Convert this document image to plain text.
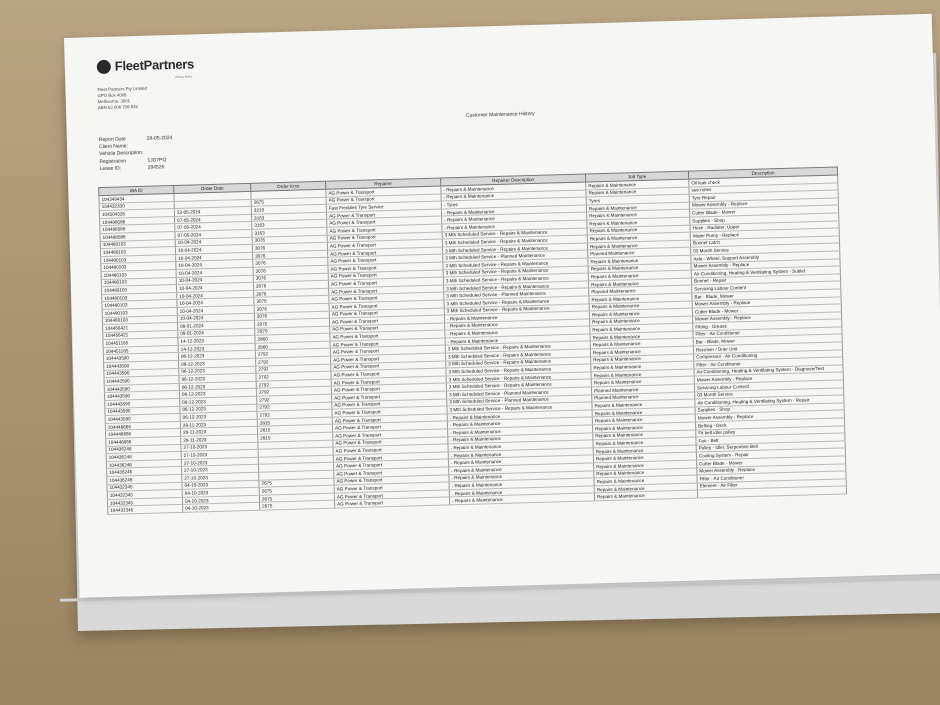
FleetPartners
driving fleets
Fleet Partners Pty Limited
GPO Box 4006
Melbourne, 3001
ABN 63 006 706 832
Customer Maintenance History
Report Date	28-05-2024
Client Name:
Vehicle Description:
Registration	1JD7PQ
Lease ID:	284526
WA ID	Order Date	Order Kms	Repairer	Repairer Description	Job Type	Description
104349434			AG Power & Transport	- Repairs & Maintenance	Repairs & Maintenance	Oil leak check
104432330		2675	AG Power & Transport	- Repairs & Maintenance	Repairs & Maintenance	see notes
104504328	23-05-2024	3210	Fast Freddies Tyre Service	- Tyres	Tyres	Tyre Repair
104498586	07-05-2024	3163	AG Power & Transport	- Repairs & Maintenance	Repairs & Maintenance	Mower Assembly - Replace
104498586	07-05-2024	3163	AG Power & Transport	- Repairs & Maintenance	Repairs & Maintenance	Cutter Blade - Mower
104498586	07-05-2024	3163	AG Power & Transport	- Repairs & Maintenance	Repairs & Maintenance	Supplies - Shop
104480103	10-04-2024	3076	AG Power & Transport	3 Mth Scheduled Service - Repairs & Maintenance	Repairs & Maintenance	Hose - Radiator, Upper
104480103	10-04-2024	3076	AG Power & Transport	3 Mth Scheduled Service - Repairs & Maintenance	Repairs & Maintenance	Water Pump - Replace
104480103	10-04-2024	3076	AG Power & Transport	3 Mth Scheduled Service - Repairs & Maintenance	Repairs & Maintenance	Bonnet Latch
104480103	10-04-2024	3076	AG Power & Transport	3 Mth Scheduled Service - Planned Maintenance	Planned Maintenance	03 Month Service
104480103	10-04-2024	3076	AG Power & Transport	3 Mth Scheduled Service - Repairs & Maintenance	Repairs & Maintenance	Axle - Wheel, Support Assembly
104480103	10-04-2024	3076	AG Power & Transport	3 Mth Scheduled Service - Repairs & Maintenance	Repairs & Maintenance	Mower Assembly - Replace
104480103	10-04-2024	3076	AG Power & Transport	3 Mth Scheduled Service - Repairs & Maintenance	Repairs & Maintenance	Air Conditioning, Heating & Ventilating System - Sublet
104480103	10-04-2024	3076	AG Power & Transport	3 Mth Scheduled Service - Repairs & Maintenance	Repairs & Maintenance	Bonnet - Repair
104480103	10-04-2024	3076	AG Power & Transport	3 Mth Scheduled Service - Planned Maintenance	Planned Maintenance	Servicing Labour Content
104480103	10-04-2024	3076	AG Power & Transport	3 Mth Scheduled Service - Repairs & Maintenance	Repairs & Maintenance	Bar - Blade, Mower
104480103	10-04-2024	3076	AG Power & Transport	3 Mth Scheduled Service - Repairs & Maintenance	Repairs & Maintenance	Mower Assembly - Replace
104456421	08-01-2024	2970	AG Power & Transport	- Repairs & Maintenance	Repairs & Maintenance	Cutter Blade - Mower
104456421	08-01-2024	2970	AG Power & Transport	- Repairs & Maintenance	Repairs & Maintenance	Mower Assembly - Replace
104451185	14-12-2023	2860	AG Power & Transport	- Repairs & Maintenance	Repairs & Maintenance	Fitting - Grease
104451185	14-12-2023	2860	AG Power & Transport	- Repairs & Maintenance	Repairs & Maintenance	Filter - Air Conditioner
104443590	06-12-2023	2792	AG Power & Transport	3 Mth Scheduled Service - Repairs & Maintenance	Repairs & Maintenance	Bar - Blade, Mower
104443590	06-12-2023	2792	AG Power & Transport	3 Mth Scheduled Service - Repairs & Maintenance	Repairs & Maintenance	Receiver / Drier Unit
104443590	06-12-2023	2792	AG Power & Transport	3 Mth Scheduled Service - Repairs & Maintenance	Repairs & Maintenance	Compressor - Air Conditioning
104443590	06-12-2023	2792	AG Power & Transport	3 Mth Scheduled Service - Repairs & Maintenance	Repairs & Maintenance	Filter - Air Conditioner
104443590	06-12-2023	2792	AG Power & Transport	3 Mth Scheduled Service - Repairs & Maintenance	Repairs & Maintenance	Air Conditioning, Heating & Ventilating System - Diagnose/Test
104443590	06-12-2023	2792	AG Power & Transport	3 Mth Scheduled Service - Repairs & Maintenance	Repairs & Maintenance	Mower Assembly - Replace
104443590	06-12-2023	2792	AG Power & Transport	3 Mth Scheduled Service - Planned Maintenance	Planned Maintenance	Servicing Labour Content
104443590	06-12-2023	2792	AG Power & Transport	3 Mth Scheduled Service - Planned Maintenance	Planned Maintenance	03 Month Service
104443590	06-12-2023	2792	AG Power & Transport	3 Mth Scheduled Service - Repairs & Maintenance	Repairs & Maintenance	Air Conditioning, Heating & Ventilating System - Repair
104446666	28-11-2023	2815	AG Power & Transport	- Repairs & Maintenance	Repairs & Maintenance	Supplies - Shop
104446666	28-11-2023	2815	AG Power & Transport	- Repairs & Maintenance	Repairs & Maintenance	Mower Assembly - Replace
104446666	28-11-2023	2815	AG Power & Transport	- Repairs & Maintenance	Repairs & Maintenance	Belting - Deck
104436246	27-10-2023		AG Power & Transport	- Repairs & Maintenance	Repairs & Maintenance	Fit belt idler pulley
104436246	27-10-2023		AG Power & Transport	- Repairs & Maintenance	Repairs & Maintenance	Fan - Belt
104436246	27-10-2023		AG Power & Transport	- Repairs & Maintenance	Repairs & Maintenance	Pulley - Idler, Serpentine Belt
104436246	27-10-2023		AG Power & Transport	- Repairs & Maintenance	Repairs & Maintenance	Cooling System - Repair
104436246	27-10-2023		AG Power & Transport	- Repairs & Maintenance	Repairs & Maintenance	Cutter Blade - Mower
104432345	04-10-2023	2675	AG Power & Transport	- Repairs & Maintenance	Repairs & Maintenance	Mower Assembly - Replace
104432345	04-10-2023	2675	AG Power & Transport	- Repairs & Maintenance	Repairs & Maintenance	Filter - Air Conditioner
104432345	04-10-2023	2675	AG Power & Transport	- Repairs & Maintenance	Repairs & Maintenance	Element - Air Filter
104432345	04-10-2023	2675	AG Power & Transport	- Repairs & Maintenance	Repairs & Maintenance	
